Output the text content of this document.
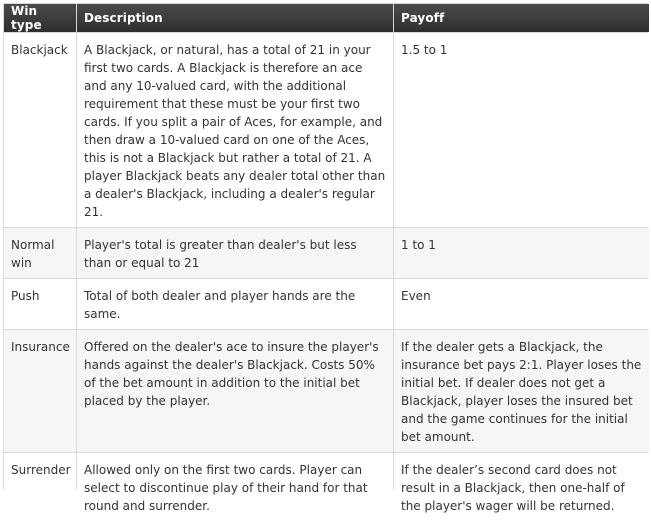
Win type	Description	Payoff
Blackjack	A Blackjack, or natural, has a total of 21 in your first two cards. A Blackjack is therefore an ace and any 10-valued card, with the additional requirement that these must be your first two cards. If you split a pair of Aces, for example, and then draw a 10-valued card on one of the Aces, this is not a Blackjack but rather a total of 21. A player Blackjack beats any dealer total other than a dealer's Blackjack, including a dealer's regular 21.	1.5 to 1
Normal win	Player's total is greater than dealer's but less than or equal to 21	1 to 1
Push	Total of both dealer and player hands are the same.	Even
Insurance	Offered on the dealer's ace to insure the player's hands against the dealer's Blackjack. Costs 50% of the bet amount in addition to the initial bet placed by the player.	If the dealer gets a Blackjack, the insurance bet pays 2:1. Player loses the initial bet. If dealer does not get a Blackjack, player loses the insured bet and the game continues for the initial bet amount.
Surrender	Allowed only on the first two cards. Player can select to discontinue play of their hand for that round and surrender.	If the dealer’s second card does not result in a Blackjack, then one-half of the player's wager will be returned.
